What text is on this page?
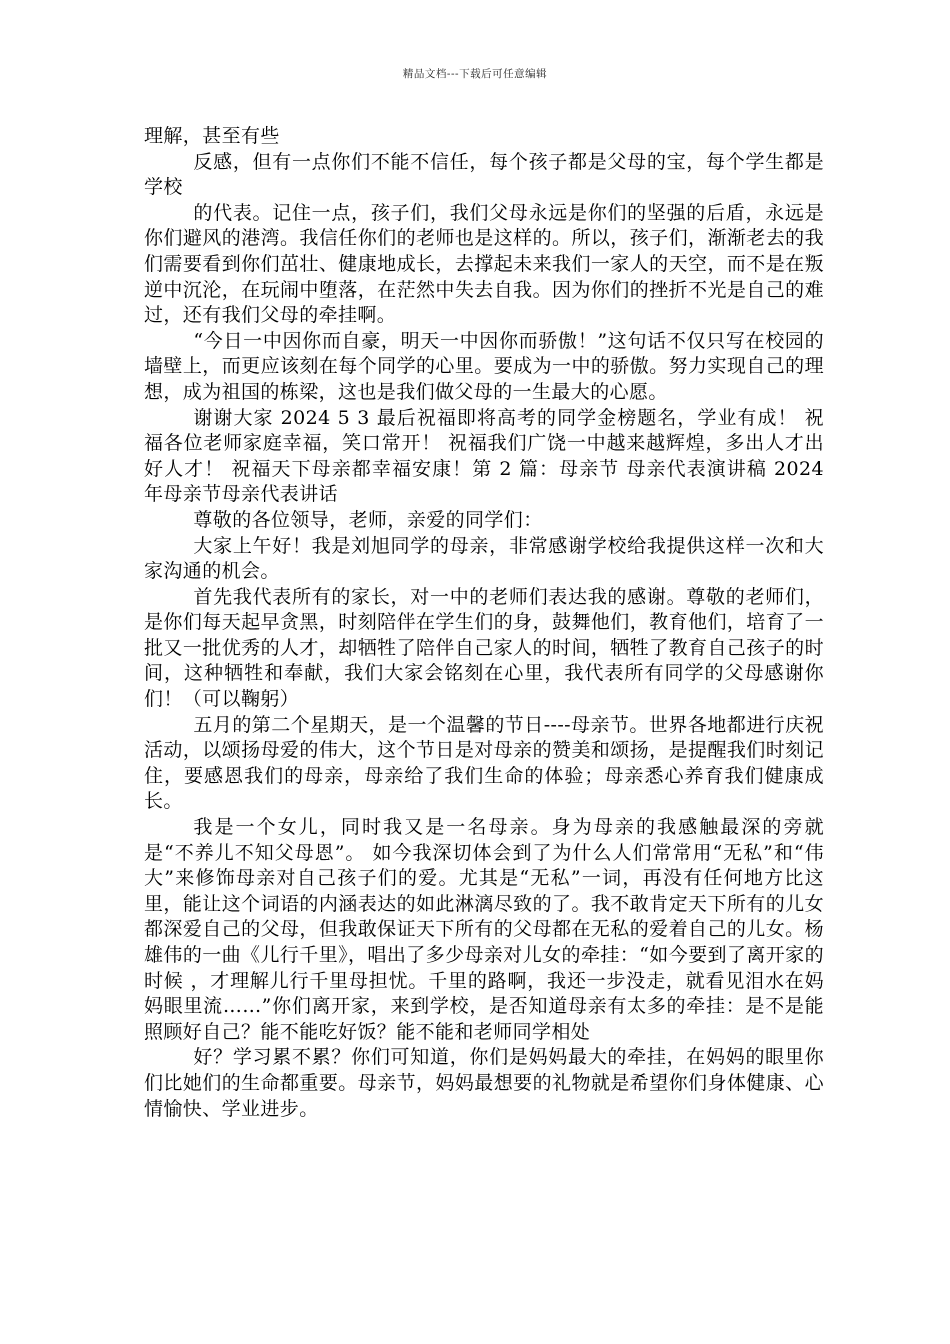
精品文档---下载后可任意编辑

理解，甚至有些

反感，但有一点你们不能不信任，每个孩子都是父母的宝，每个学生都是学校

的代表。记住一点，孩子们，我们父母永远是你们的坚强的后盾，永远是你们避风的港湾。我信任你们的老师也是这样的。所以，孩子们，渐渐老去的我们需要看到你们茁壮、健康地成长，去撑起未来我们一家人的天空，而不是在叛逆中沉沦，在玩闹中堕落，在茫然中失去自我。因为你们的挫折不光是自己的难过，还有我们父母的牵挂啊。

“今日一中因你而自豪，明天一中因你而骄傲！”这句话不仅只写在校园的墙壁上，而更应该刻在每个同学的心里。要成为一中的骄傲。努力实现自己的理想，成为祖国的栋梁，这也是我们做父母的一生最大的心愿。

谢谢大家 2024 5 3 最后祝福即将高考的同学金榜题名，学业有成！ 祝福各位老师家庭幸福，笑口常开！ 祝福我们广饶一中越来越辉煌，多出人才出好人才！ 祝福天下母亲都幸福安康！第 2 篇：母亲节 母亲代表演讲稿 2024 年母亲节母亲代表讲话

尊敬的各位领导，老师，亲爱的同学们：

大家上午好！我是刘旭同学的母亲，非常感谢学校给我提供这样一次和大家沟通的机会。

首先我代表所有的家长，对一中的老师们表达我的感谢。尊敬的老师们，是你们每天起早贪黑，时刻陪伴在学生们的身，鼓舞他们，教育他们，培育了一批又一批优秀的人才，却牺牲了陪伴自己家人的时间，牺牲了教育自己孩子的时间，这种牺牲和奉献，我们大家会铭刻在心里，我代表所有同学的父母感谢你们！（可以鞠躬）

五月的第二个星期天，是一个温馨的节日----母亲节。世界各地都进行庆祝活动，以颂扬母爱的伟大，这个节日是对母亲的赞美和颂扬，是提醒我们时刻记住，要感恩我们的母亲，母亲给了我们生命的体验；母亲悉心养育我们健康成长。

我是一个女儿，同时我又是一名母亲。身为母亲的我感触最深的旁就是“不养儿不知父母恩”。 如今我深切体会到了为什么人们常常用“无私”和“伟大”来修饰母亲对自己孩子们的爱。尤其是“无私”一词，再没有任何地方比这里，能让这个词语的内涵表达的如此淋漓尽致的了。我不敢肯定天下所有的儿女都深爱自己的父母，但我敢保证天下所有的父母都在无私的爱着自己的儿女。杨雄伟的一曲《儿行千里》，唱出了多少母亲对儿女的牵挂：“如今要到了离开家的时候 ，才理解儿行千里母担忧。千里的路啊，我还一步没走，就看见泪水在妈妈眼里流……”你们离开家，来到学校，是否知道母亲有太多的牵挂：是不是能照顾好自己？能不能吃好饭？能不能和老师同学相处

好？学习累不累？你们可知道，你们是妈妈最大的牵挂，在妈妈的眼里你们比她们的生命都重要。母亲节，妈妈最想要的礼物就是希望你们身体健康、心情愉快、学业进步。
